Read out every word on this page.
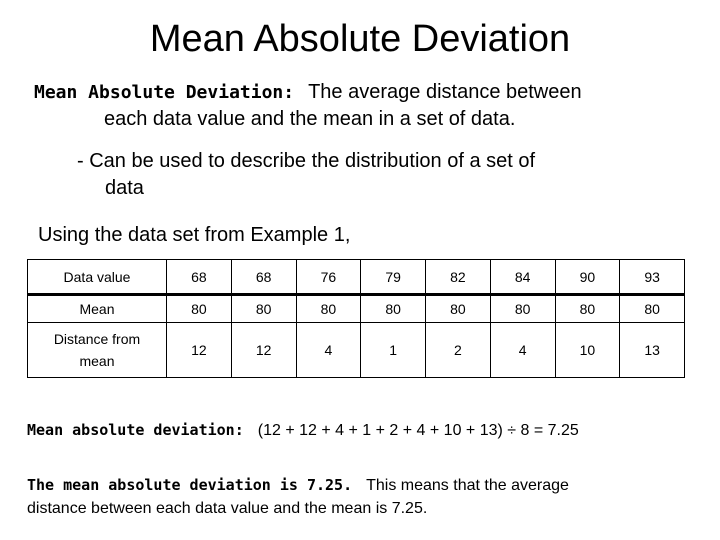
Mean Absolute Deviation
Mean Absolute Deviation: The average distance between
each data value and the mean in a set of data.
- Can be used to describe the distribution of a set of
data
Using the data set from Example 1,
Data value	68	68	76	79	82	84	90	93
Mean	80	80	80	80	80	80	80	80
Distance from
mean	12	12	4	1	2	4	10	13
Mean absolute deviation: (12 + 12 + 4 + 1 + 2 + 4 + 10 + 13) ÷ 8 = 7.25
The mean absolute deviation is 7.25. This means that the average
distance between each data value and the mean is 7.25.
